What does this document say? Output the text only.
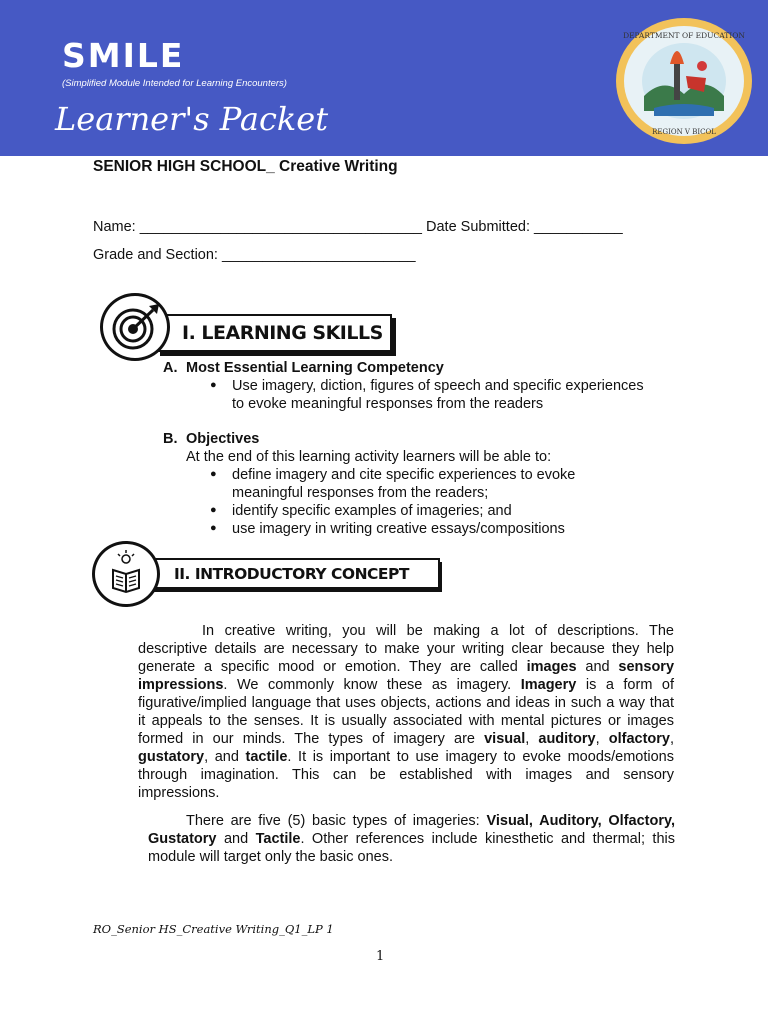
SMILE
(Simplified Module Intended for Learning Encounters)
Learner's Packet
DEPARTMENT OF EDUCATION
REGION V BICOL
SENIOR HIGH SCHOOL_ Creative Writing
Name: ___________________________________ Date Submitted: ___________
Grade and Section: ________________________
I. LEARNING SKILLS
A. Most Essential Learning Competency
● Use imagery, diction, figures of speech and specific experiences
to evoke meaningful responses from the readers
B. Objectives
At the end of this learning activity learners will be able to:
● define imagery and cite specific experiences to evoke
meaningful responses from the readers;
● identify specific examples of imageries; and
● use imagery in writing creative essays/compositions
II. INTRODUCTORY CONCEPT
In creative writing, you will be making a lot of descriptions. The descriptive details are necessary to make your writing clear because they help generate a specific mood or emotion. They are called images and sensory impressions. We commonly know these as imagery. Imagery is a form of figurative/implied language that uses objects, actions and ideas in such a way that it appeals to the senses. It is usually associated with mental pictures or images formed in our minds. The types of imagery are visual, auditory, olfactory, gustatory, and tactile. It is important to use imagery to evoke moods/emotions through imagination. This can be established with images and sensory impressions.
There are five (5) basic types of imageries: Visual, Auditory, Olfactory, Gustatory and Tactile. Other references include kinesthetic and thermal; this module will target only the basic ones.
RO_Senior HS_Creative Writing_Q1_LP 1
1
